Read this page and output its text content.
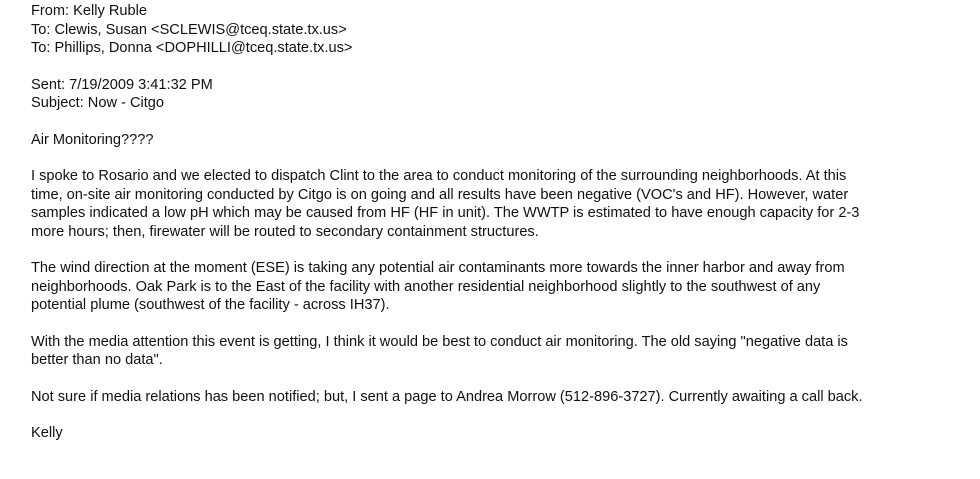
From: Kelly Ruble
To: Clewis, Susan <SCLEWIS@tceq.state.tx.us>
To: Phillips, Donna <DOPHILLI@tceq.state.tx.us>
Sent: 7/19/2009 3:41:32 PM
Subject: Now - Citgo

Air Monitoring????

I spoke to Rosario and we elected to dispatch Clint to the area to conduct monitoring of the surrounding neighborhoods. At this
time, on-site air monitoring conducted by Citgo is on going and all results have been negative (VOC's and HF). However, water
samples indicated a low pH which may be caused from HF (HF in unit). The WWTP is estimated to have enough capacity for 2-3
more hours; then, firewater will be routed to secondary containment structures.
The wind direction at the moment (ESE) is taking any potential air contaminants more towards the inner harbor and away from
neighborhoods. Oak Park is to the East of the facility with another residential neighborhood slightly to the southwest of any
potential plume (southwest of the facility - across IH37).
With the media attention this event is getting, I think it would be best to conduct air monitoring. The old saying "negative data is
better than no data".
Not sure if media relations has been notified; but, I sent a page to Andrea Morrow (512-896-3727). Currently awaiting a call back.

Kelly
